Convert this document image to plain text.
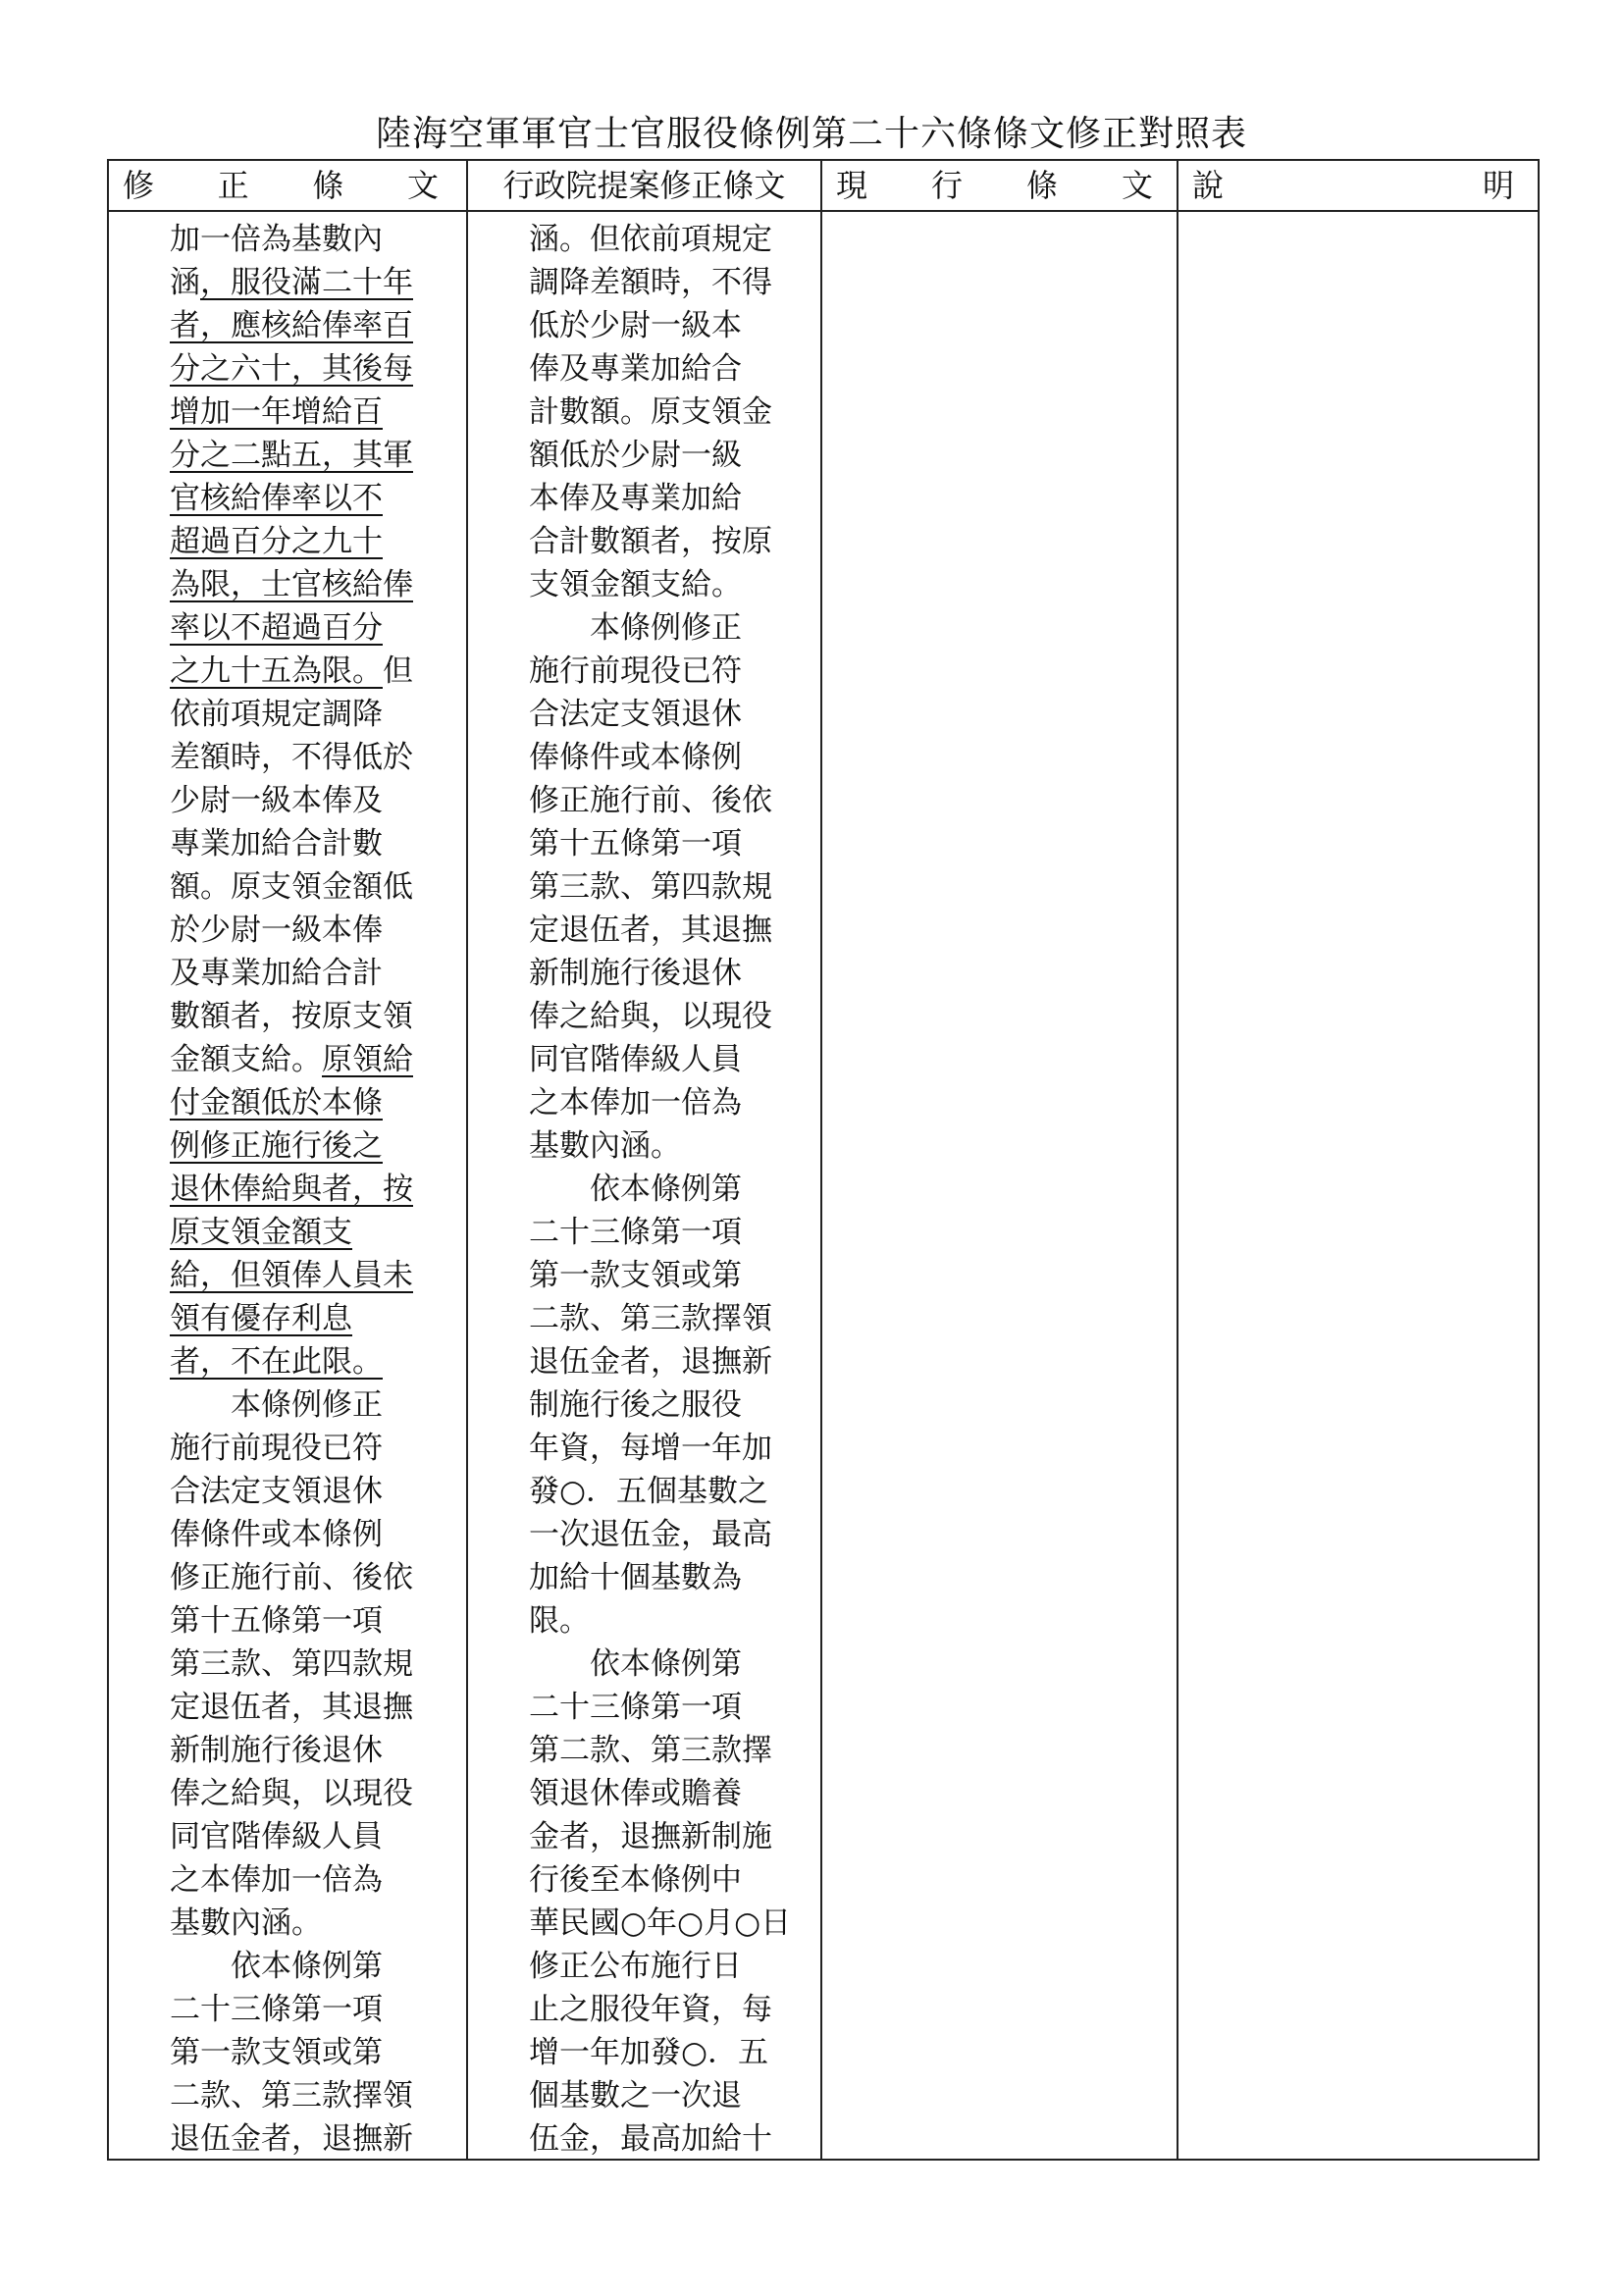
陸海空軍軍官士官服役條例第二十六條條文修正對照表
修 正 條 文 行政院提案修正條文 現 行 條 文 說	明
加一倍為基數內
涵，服役滿二十年
者，應核給俸率百
分之六十，其後每
增加一年增給百
分之二點五，其軍
官核給俸率以不
超過百分之九十
為限，士官核給俸
率以不超過百分
之九十五為限。但
依前項規定調降
差額時，不得低於
少尉一級本俸及
專業加給合計數
額。原支領金額低
於少尉一級本俸
及專業加給合計
數額者，按原支領
金額支給。原領給
付金額低於本條
例修正施行後之
退休俸給與者，按
原支領金額支
給，但領俸人員未
領有優存利息
者，不在此限。
本條例修正
施行前現役已符
合法定支領退休
俸條件或本條例
修正施行前、後依
第十五條第一項
第三款、第四款規
定退伍者，其退撫
新制施行後退休
俸之給與，以現役
同官階俸級人員
之本俸加一倍為
基數內涵。
依本條例第
二十三條第一項
第一款支領或第
二款、第三款擇領
退伍金者，退撫新
涵。但依前項規定
調降差額時，不得
低於少尉一級本
俸及專業加給合
計數額。原支領金
額低於少尉一級
本俸及專業加給
合計數額者，按原
支領金額支給。
本條例修正
施行前現役已符
合法定支領退休
俸條件或本條例
修正施行前、後依
第十五條第一項
第三款、第四款規
定退伍者，其退撫
新制施行後退休
俸之給與，以現役
同官階俸級人員
之本俸加一倍為
基數內涵。
依本條例第
二十三條第一項
第一款支領或第
二款、第三款擇領
退伍金者，退撫新
制施行後之服役
年資，每增一年加
發○．五個基數之
一次退伍金，最高
加給十個基數為
限。
依本條例第
二十三條第一項
第二款、第三款擇
領退休俸或贍養
金者，退撫新制施
行後至本條例中
華民國○年○月○日
修正公布施行日
止之服役年資，每
增一年加發○．五
個基數之一次退
伍金，最高加給十
